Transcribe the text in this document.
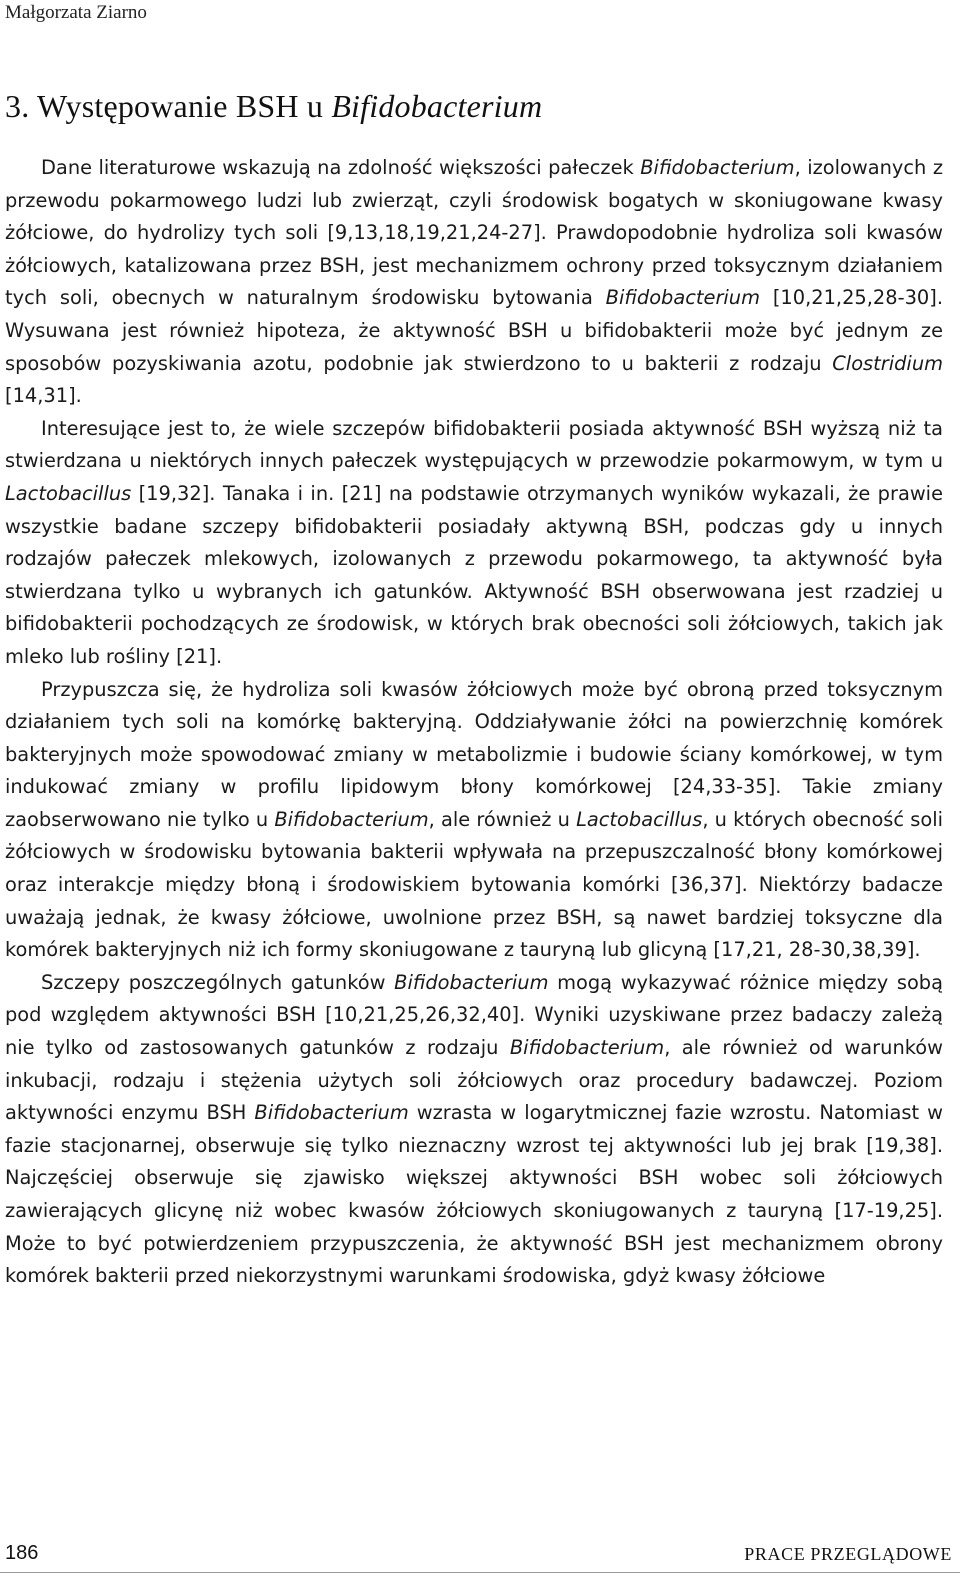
Małgorzata Ziarno
3. Występowanie BSH u Bifidobacterium

Dane literaturowe wskazują na zdolność większości pałeczek Bifidobacterium, izolowanych z przewodu pokarmowego ludzi lub zwierząt, czyli środowisk bogatych w skoniugowane kwasy żółciowe, do hydrolizy tych soli [9,13,18,19,21,24-27]. Prawdopodobnie hydroliza soli kwasów żółciowych, katalizowana przez BSH, jest mechanizmem ochrony przed toksycznym działaniem tych soli, obecnych w naturalnym środowisku bytowania Bifidobacterium [10,21,25,28-30]. Wysuwana jest również hipoteza, że aktywność BSH u bifidobakterii może być jednym ze sposobów pozyskiwania azotu, podobnie jak stwierdzono to u bakterii z rodzaju Clostridium [14,31].

Interesujące jest to, że wiele szczepów bifidobakterii posiada aktywność BSH wyższą niż ta stwierdzana u niektórych innych pałeczek występujących w przewodzie pokarmowym, w tym u Lactobacillus [19,32]. Tanaka i in. [21] na podstawie otrzymanych wyników wykazali, że prawie wszystkie badane szczepy bifidobakterii posiadały aktywną BSH, podczas gdy u innych rodzajów pałeczek mlekowych, izolowanych z przewodu pokarmowego, ta aktywność była stwierdzana tylko u wybranych ich gatunków. Aktywność BSH obserwowana jest rzadziej u bifidobakterii pochodzących ze środowisk, w których brak obecności soli żółciowych, takich jak mleko lub rośliny [21].

Przypuszcza się, że hydroliza soli kwasów żółciowych może być obroną przed toksycznym działaniem tych soli na komórkę bakteryjną. Oddziaływanie żółci na powierzchnię komórek bakteryjnych może spowodować zmiany w metabolizmie i budowie ściany komórkowej, w tym indukować zmiany w profilu lipidowym błony komórkowej [24,33-35]. Takie zmiany zaobserwowano nie tylko u Bifidobacterium, ale również u Lactobacillus, u których obecność soli żółciowych w środowisku bytowania bakterii wpływała na przepuszczalność błony komórkowej oraz interakcje między błoną i środowiskiem bytowania komórki [36,37]. Niektórzy badacze uważają jednak, że kwasy żółciowe, uwolnione przez BSH, są nawet bardziej toksyczne dla komórek bakteryjnych niż ich formy skoniugowane z tauryną lub glicyną [17,21, 28-30,38,39].

Szczepy poszczególnych gatunków Bifidobacterium mogą wykazywać różnice między sobą pod względem aktywności BSH [10,21,25,26,32,40]. Wyniki uzyskiwane przez badaczy zależą nie tylko od zastosowanych gatunków z rodzaju Bifidobacterium, ale również od warunków inkubacji, rodzaju i stężenia użytych soli żółciowych oraz procedury badawczej. Poziom aktywności enzymu BSH Bifidobacterium wzrasta w logarytmicznej fazie wzrostu. Natomiast w fazie stacjonarnej, obserwuje się tylko nieznaczny wzrost tej aktywności lub jej brak [19,38]. Najczęściej obserwuje się zjawisko większej aktywności BSH wobec soli żółciowych zawierających glicynę niż wobec kwasów żółciowych skoniugowanych z tauryną [17-19,25]. Może to być potwierdzeniem przypuszczenia, że aktywność BSH jest mechanizmem obrony komórek bakterii przed niekorzystnymi warunkami środowiska, gdyż kwasy żółciowe

186	PRACE PRZEGLĄDOWE
